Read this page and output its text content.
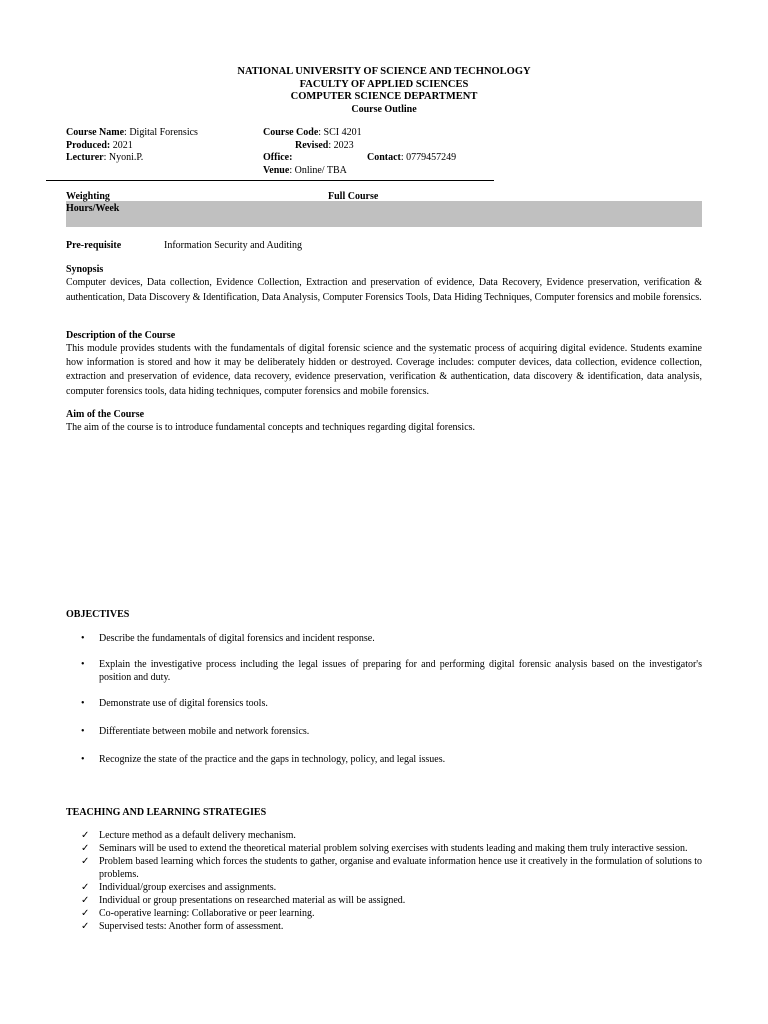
NATIONAL UNIVERSITY OF SCIENCE AND TECHNOLOGY
FACULTY OF APPLIED SCIENCES
COMPUTER SCIENCE DEPARTMENT
Course Outline
Course Name: Digital Forensics	Course Code: SCI 4201
Produced: 2021	Revised: 2023
Lecturer: Nyoni.P.	Office:	Contact: 0779457249
Venue: Online/ TBA
Weighting	Full Course
Hours/Week
Pre-requisite	Information Security and Auditing
Synopsis
Computer devices, Data collection, Evidence Collection, Extraction and preservation of evidence, Data Recovery, Evidence preservation, verification & authentication, Data Discovery & Identification, Data Analysis, Computer Forensics Tools, Data Hiding Techniques, Computer forensics and mobile forensics.
Description of the Course
This module provides students with the fundamentals of digital forensic science and the systematic process of acquiring digital evidence. Students examine how information is stored and how it may be deliberately hidden or destroyed. Coverage includes: computer devices, data collection, evidence collection, extraction and preservation of evidence, data recovery, evidence preservation, verification & authentication, data discovery & identification, data analysis, computer forensics tools, data hiding techniques, computer forensics and mobile forensics.
Aim of the Course
The aim of the course is to introduce fundamental concepts and techniques regarding digital forensics.
OBJECTIVES
• Describe the fundamentals of digital forensics and incident response.
• Explain the investigative process including the legal issues of preparing for and performing digital forensic analysis based on the investigator's position and duty.
• Demonstrate use of digital forensics tools.
• Differentiate between mobile and network forensics.
• Recognize the state of the practice and the gaps in technology, policy, and legal issues.
TEACHING AND LEARNING STRATEGIES
✓ Lecture method as a default delivery mechanism.
✓ Seminars will be used to extend the theoretical material problem solving exercises with students leading and making them truly interactive session.
✓ Problem based learning which forces the students to gather, organise and evaluate information hence use it creatively in the formulation of solutions to problems.
✓ Individual/group exercises and assignments.
✓ Individual or group presentations on researched material as will be assigned.
✓ Co-operative learning: Collaborative or peer learning.
✓ Supervised tests: Another form of assessment.
